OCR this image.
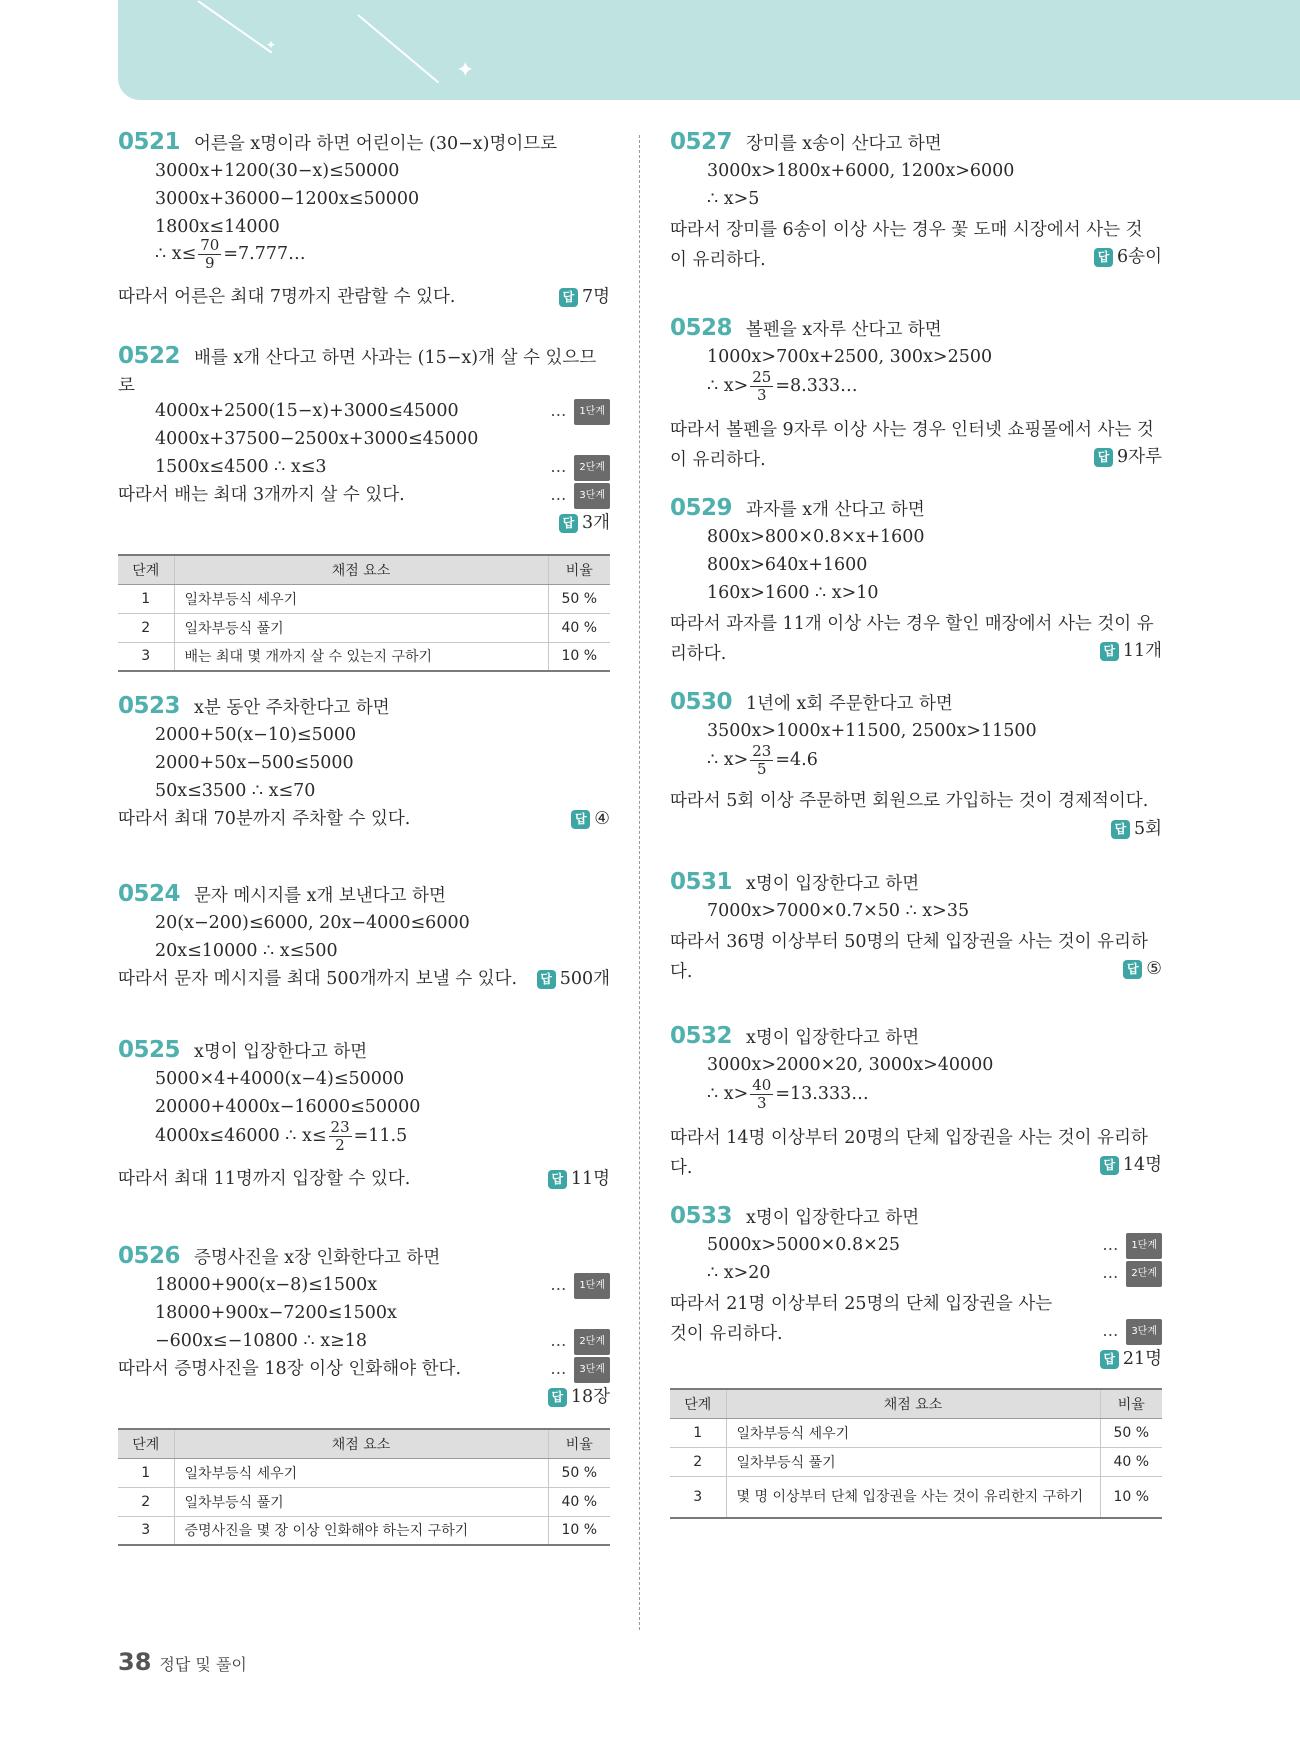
✦
✦
0521 어른을 x명이라 하면 어린이는 (30−x)명이므로
3000x+1200(30−x)≤50000
3000x+36000−1200x≤50000
1800x≤14000
∴ $x\le \frac{70}{9}$ =7.777…
따라서 어른은 최대 7명까지 관람할 수 있다.	답 7명
0522 배를 x개 산다고 하면 사과는 (15−x)개 살 수 있으므로
4000x+2500(15−x)+3000≤45000	… 1단계
4000x+37500−2500x+3000≤45000
1500x≤4500 ∴ x≤3	… 2단계
따라서 배는 최대 3개까지 살 수 있다.	… 3단계
답 3개
단계	채점 요소	비율
1	일차부등식 세우기	50 %
2	일차부등식 풀기	40 %
3	배는 최대 몇 개까지 살 수 있는지 구하기	10 %
0523 x분 동안 주차한다고 하면
2000+50(x−10)≤5000
2000+50x−500≤5000
50x≤3500 ∴ x≤70
따라서 최대 70분까지 주차할 수 있다.	답 ④
0524 문자 메시지를 x개 보낸다고 하면
20(x−200)≤6000, 20x−4000≤6000
20x≤10000 ∴ x≤500
따라서 문자 메시지를 최대 500개까지 보낼 수 있다.	답 500개
0525 x명이 입장한다고 하면
5000×4+4000(x−4)≤50000
20000+4000x−16000≤50000
4000x≤46000 ∴ $x\le \frac{23}{2} =11.5$
따라서 최대 11명까지 입장할 수 있다.	답 11명
0526 증명사진을 x장 인화한다고 하면
18000+900(x−8)≤1500x	… 1단계
18000+900x−7200≤1500x
−600x≤−10800 ∴ x≥18	… 2단계
따라서 증명사진을 18장 이상 인화해야 한다.	… 3단계
답 18장
단계	채점 요소	비율
1	일차부등식 세우기	50 %
2	일차부등식 풀기	40 %
3	증명사진을 몇 장 이상 인화해야 하는지 구하기	10 %
0527 장미를 x송이 산다고 하면
3000x>1800x+6000, 1200x>6000
∴ x>5
따라서 장미를 6송이 이상 사는 경우 꽃 도매 시장에서 사는 것이 유리하다.	답 6송이
0528 볼펜을 x자루 산다고 하면
1000x>700x+2500, 300x>2500
∴ $x> \frac{25}{3}$ =8.333…
따라서 볼펜을 9자루 이상 사는 경우 인터넷 쇼핑몰에서 사는 것이 유리하다.	답 9자루
0529 과자를 x개 산다고 하면
800x>800×0.8×x+1600
800x>640x+1600
160x>1600 ∴ x>10
따라서 과자를 11개 이상 사는 경우 할인 매장에서 사는 것이 유리하다.	답 11개
0530 1년에 x회 주문한다고 하면
3500x>1000x+11500, 2500x>11500
∴ $x> \frac{23}{5} =4.6$
따라서 5회 이상 주문하면 회원으로 가입하는 것이 경제적이다.
답 5회
0531 x명이 입장한다고 하면
7000x>7000×0.7×50 ∴ x>35
따라서 36명 이상부터 50명의 단체 입장권을 사는 것이 유리하다.	답 ⑤
0532 x명이 입장한다고 하면
3000x>2000×20, 3000x>40000
∴ $x> \frac{40}{3}$ =13.333…
따라서 14명 이상부터 20명의 단체 입장권을 사는 것이 유리하다.	답 14명
0533 x명이 입장한다고 하면
5000x>5000×0.8×25	… 1단계
∴ x>20	… 2단계
따라서 21명 이상부터 25명의 단체 입장권을 사는 것이 유리하다.	… 3단계
답 21명
단계	채점 요소	비율
1	일차부등식 세우기	50 %
2	일차부등식 풀기	40 %
3	몇 명 이상부터 단체 입장권을 사는 것이 유리한지 구하기	10 %
38 정답 및 풀이
